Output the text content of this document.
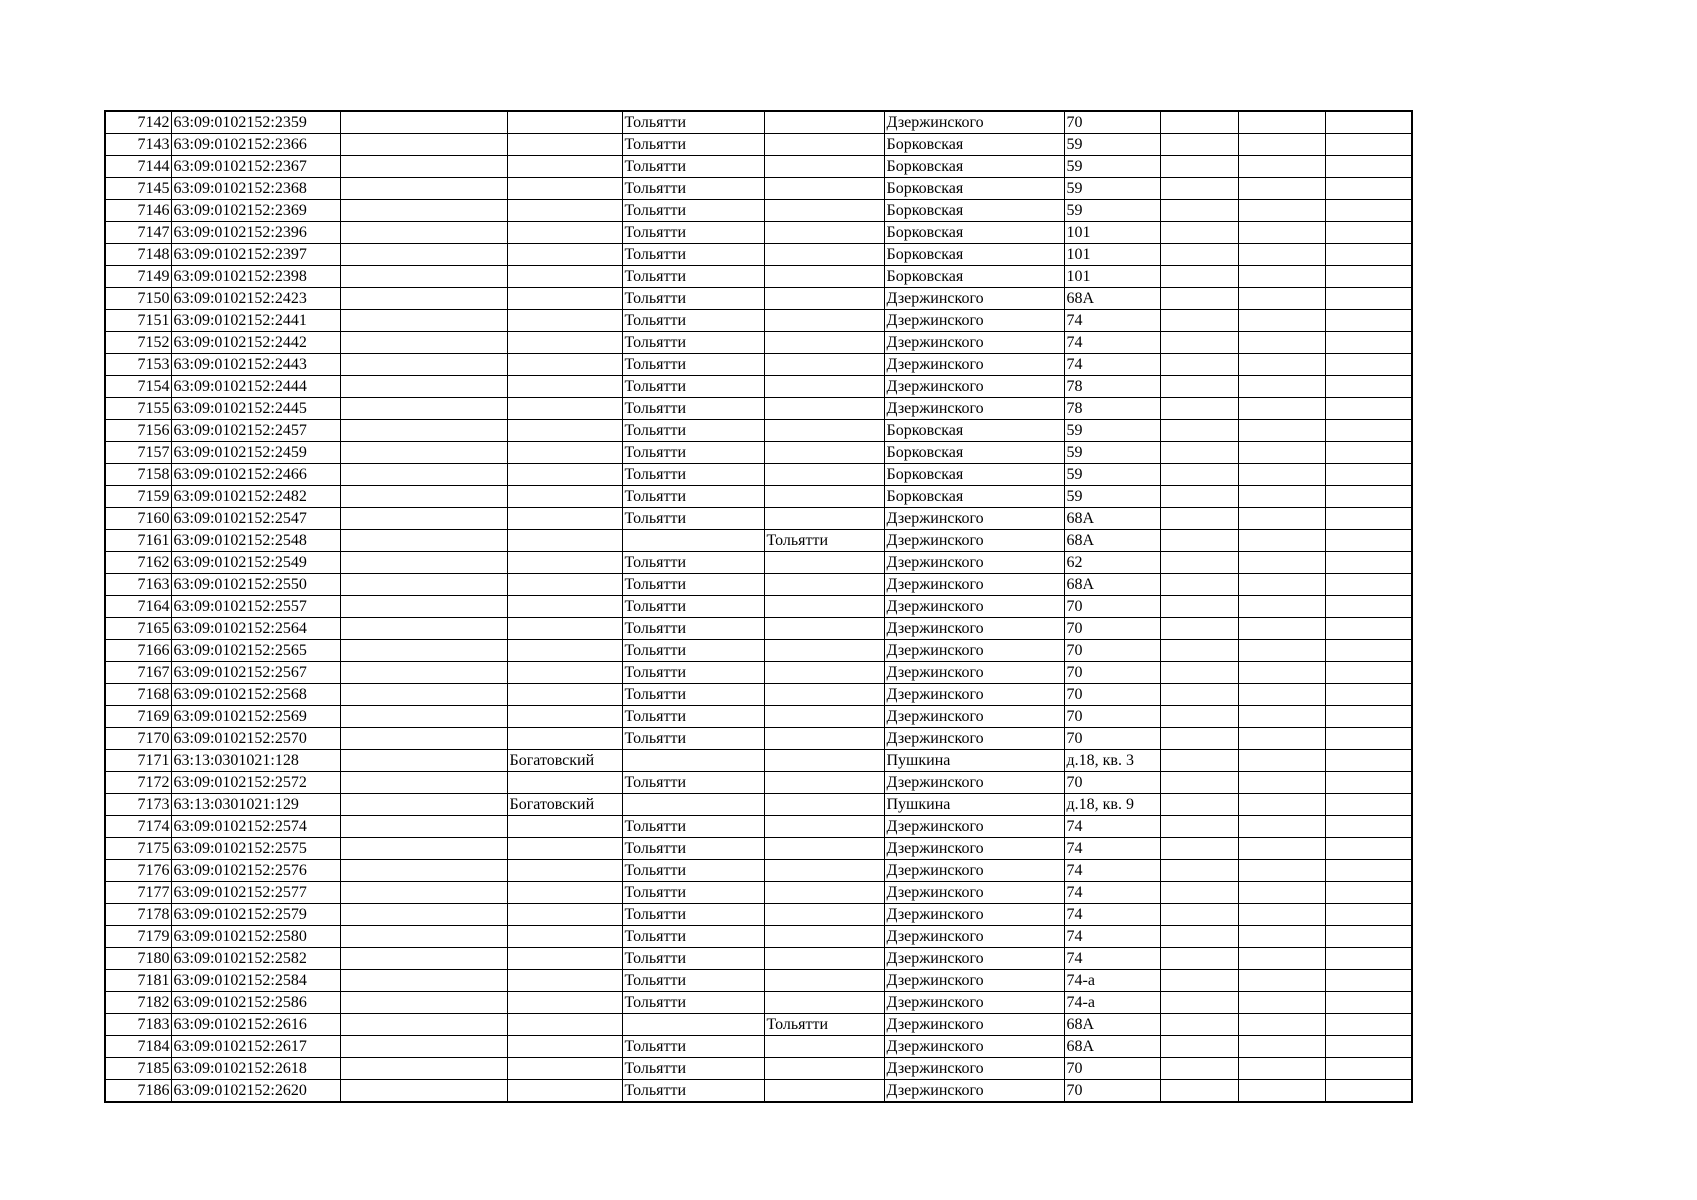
7142	63:09:0102152:2359			Тольятти		Дзержинского	70			
7143	63:09:0102152:2366			Тольятти		Борковская	59			
7144	63:09:0102152:2367			Тольятти		Борковская	59			
7145	63:09:0102152:2368			Тольятти		Борковская	59			
7146	63:09:0102152:2369			Тольятти		Борковская	59			
7147	63:09:0102152:2396			Тольятти		Борковская	101			
7148	63:09:0102152:2397			Тольятти		Борковская	101			
7149	63:09:0102152:2398			Тольятти		Борковская	101			
7150	63:09:0102152:2423			Тольятти		Дзержинского	68А			
7151	63:09:0102152:2441			Тольятти		Дзержинского	74			
7152	63:09:0102152:2442			Тольятти		Дзержинского	74			
7153	63:09:0102152:2443			Тольятти		Дзержинского	74			
7154	63:09:0102152:2444			Тольятти		Дзержинского	78			
7155	63:09:0102152:2445			Тольятти		Дзержинского	78			
7156	63:09:0102152:2457			Тольятти		Борковская	59			
7157	63:09:0102152:2459			Тольятти		Борковская	59			
7158	63:09:0102152:2466			Тольятти		Борковская	59			
7159	63:09:0102152:2482			Тольятти		Борковская	59			
7160	63:09:0102152:2547			Тольятти		Дзержинского	68А			
7161	63:09:0102152:2548				Тольятти	Дзержинского	68А			
7162	63:09:0102152:2549			Тольятти		Дзержинского	62			
7163	63:09:0102152:2550			Тольятти		Дзержинского	68А			
7164	63:09:0102152:2557			Тольятти		Дзержинского	70			
7165	63:09:0102152:2564			Тольятти		Дзержинского	70			
7166	63:09:0102152:2565			Тольятти		Дзержинского	70			
7167	63:09:0102152:2567			Тольятти		Дзержинского	70			
7168	63:09:0102152:2568			Тольятти		Дзержинского	70			
7169	63:09:0102152:2569			Тольятти		Дзержинского	70			
7170	63:09:0102152:2570			Тольятти		Дзержинского	70			
7171	63:13:0301021:128		Богатовский			Пушкина	д.18, кв. 3			
7172	63:09:0102152:2572			Тольятти		Дзержинского	70			
7173	63:13:0301021:129		Богатовский			Пушкина	д.18, кв. 9			
7174	63:09:0102152:2574			Тольятти		Дзержинского	74			
7175	63:09:0102152:2575			Тольятти		Дзержинского	74			
7176	63:09:0102152:2576			Тольятти		Дзержинского	74			
7177	63:09:0102152:2577			Тольятти		Дзержинского	74			
7178	63:09:0102152:2579			Тольятти		Дзержинского	74			
7179	63:09:0102152:2580			Тольятти		Дзержинского	74			
7180	63:09:0102152:2582			Тольятти		Дзержинского	74			
7181	63:09:0102152:2584			Тольятти		Дзержинского	74-а			
7182	63:09:0102152:2586			Тольятти		Дзержинского	74-а			
7183	63:09:0102152:2616				Тольятти	Дзержинского	68А			
7184	63:09:0102152:2617			Тольятти		Дзержинского	68А			
7185	63:09:0102152:2618			Тольятти		Дзержинского	70			
7186	63:09:0102152:2620			Тольятти		Дзержинского	70			
